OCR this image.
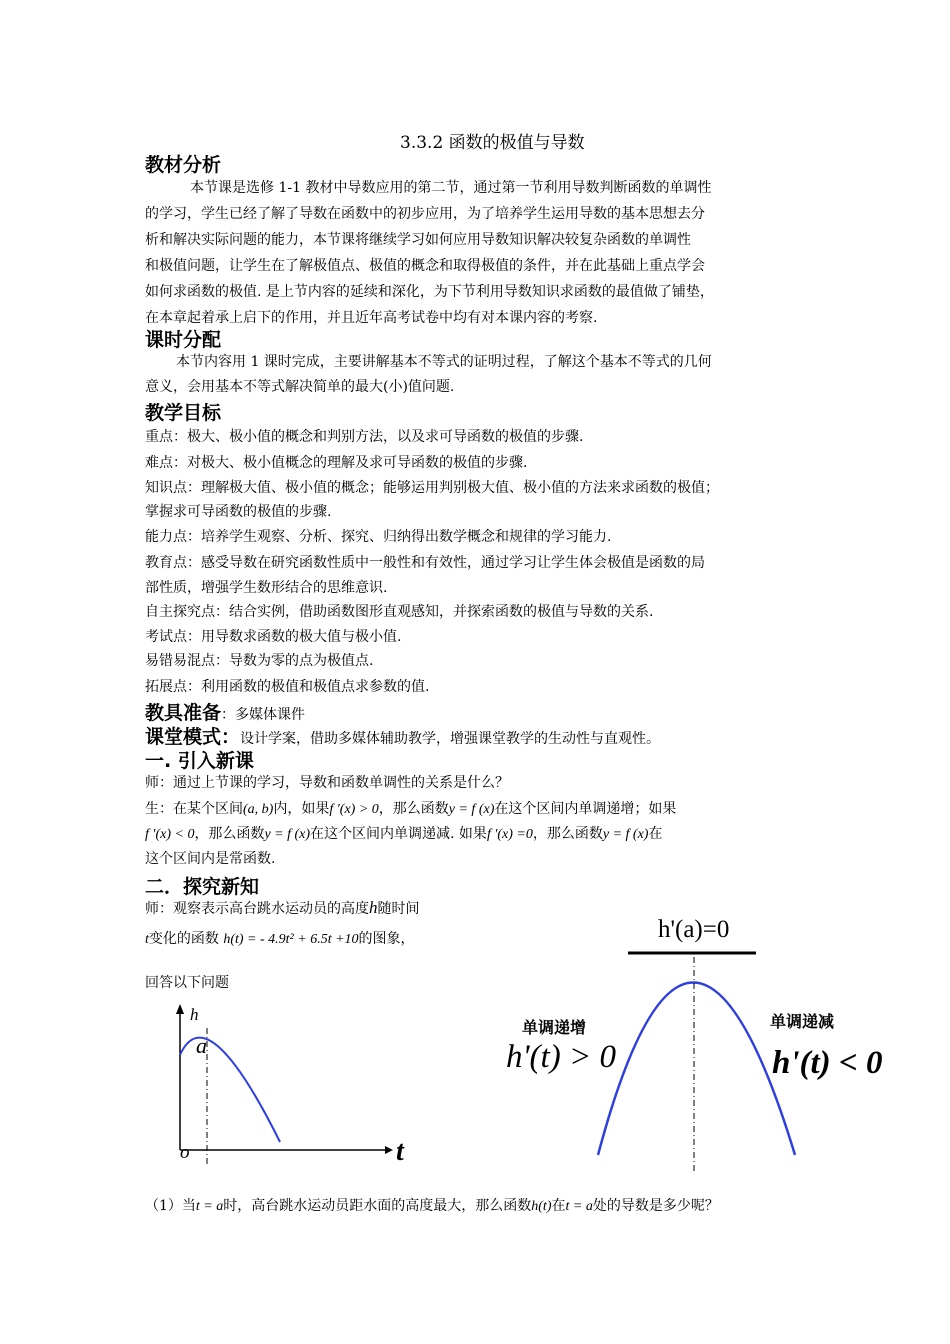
3.3.2 函数的极值与导数
教材分析
本节课是选修 1-1 教材中导数应用的第二节，通过第一节利用导数判断函数的单调性
的学习，学生已经了解了导数在函数中的初步应用，为了培养学生运用导数的基本思想去分
析和解决实际问题的能力，本节课将继续学习如何应用导数知识解决较复杂函数的单调性
和极值问题，让学生在了解极值点、极值的概念和取得极值的条件，并在此基础上重点学会
如何求函数的极值. 是上节内容的延续和深化，为下节利用导数知识求函数的最值做了铺垫，
在本章起着承上启下的作用，并且近年高考试卷中均有对本课内容的考察.
课时分配
本节内容用 1 课时完成，主要讲解基本不等式的证明过程，了解这个基本不等式的几何
意义，会用基本不等式解决简单的最大(小)值问题.
教学目标
重点：极大、极小值的概念和判别方法，以及求可导函数的极值的步骤.
难点：对极大、极小值概念的理解及求可导函数的极值的步骤.
知识点：理解极大值、极小值的概念；能够运用判别极大值、极小值的方法来求函数的极值；
掌握求可导函数的极值的步骤.
能力点：培养学生观察、分析、探究、归纳得出数学概念和规律的学习能力.
教育点：感受导数在研究函数性质中一般性和有效性，通过学习让学生体会极值是函数的局
部性质，增强学生数形结合的思维意识.
自主探究点：结合实例，借助函数图形直观感知，并探索函数的极值与导数的关系.
考试点：用导数求函数的极大值与极小值.
易错易混点：导数为零的点为极值点.
拓展点：利用函数的极值和极值点求参数的值.
教具准备：多媒体课件
课堂模式：设计学案，借助多媒体辅助教学，增强课堂教学的生动性与直观性。
一. 引入新课
师：通过上节课的学习，导数和函数单调性的关系是什么？
生：在某个区间(a, b)内，如果f ′(x) > 0，那么函数y = f (x)在这个区间内单调递增；如果
f ′(x) < 0，那么函数y = f (x)在这个区间内单调递减. 如果f ′(x) =0，那么函数y = f (x)在
这个区间内是常函数.
二．探究新知
师：观察表示高台跳水运动员的高度h随时间
t变化的函数 h(t) = - 4.9t² + 6.5t +10的图象，
回答以下问题
h
t
o
a
h'(a)=0
单调递增
h'(t) > 0
单调递减
h'(t) < 0
（1）当t = a时，高台跳水运动员距水面的高度最大，那么函数h(t)在t = a处的导数是多少呢？
